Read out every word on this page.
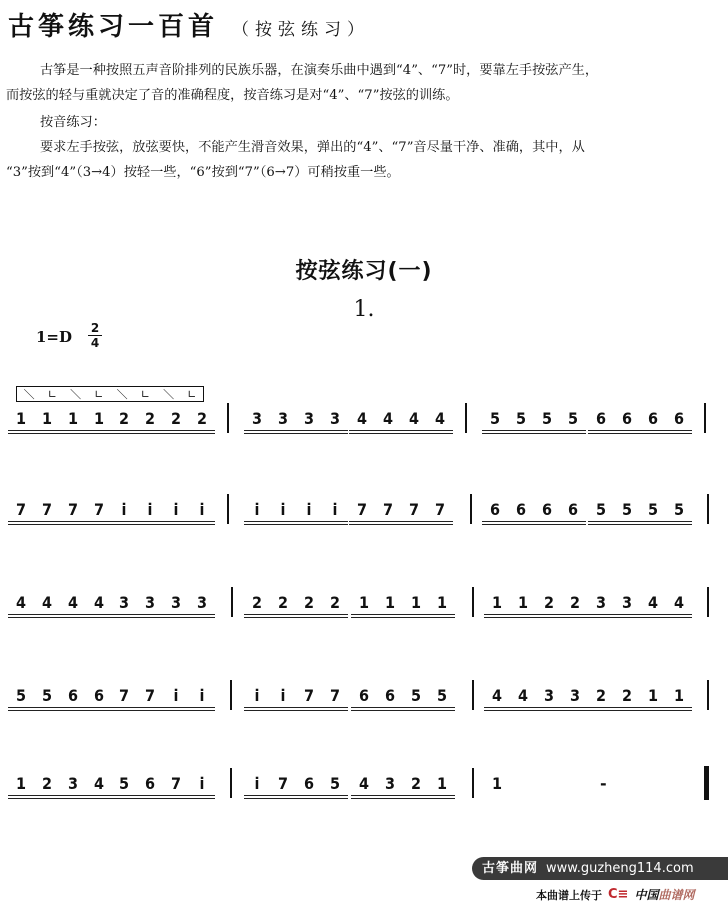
古筝练习一百首 （按弦练习）
古筝是一种按照五声音阶排列的民族乐器，在演奏乐曲中遇到“4”、“7”时，要靠左手按弦产生，
而按弦的轻与重就决定了音的准确程度，按音练习是对“4”、“7”按弦的训练。
按音练习：
要求左手按弦，放弦要快，不能产生滑音效果，弹出的“4”、“7”音尽量干净、准确，其中，从
“3”按到“4”（3→4）按轻一些，“6”按到“7”（6→7）可稍按重一些。
按弦练习(一)
1.
1=D 2
4
＼ ∟ ＼ ∟ ＼ ∟ ＼ ∟
1 1 1 1 2 2 2 2	3 3 3 3	4 4 4 4	5 5 5 5	6 6 6 6
7 7 7 7	i̇	i̇	i̇	i̇	i̇	i̇	i̇	i̇	7 7 7 7	6 6 6 6	5 5 5 5
4 4 4 4 3 3 3 3	2 2 2 2	1 1 1 1	1 1 2 2 3 3 4 4
5 5 6 6 7 7	i̇	i̇	i̇	i̇	7 7	6 6 5 5	4 4 3 3 2 2 1 1
1 2 3 4 5 6 7	i̇	i̇	7 6 5	4 3 2 1	1	-
古筝曲网 www.guzheng114.com
本曲谱上传于 C≡ 中国 曲谱网
